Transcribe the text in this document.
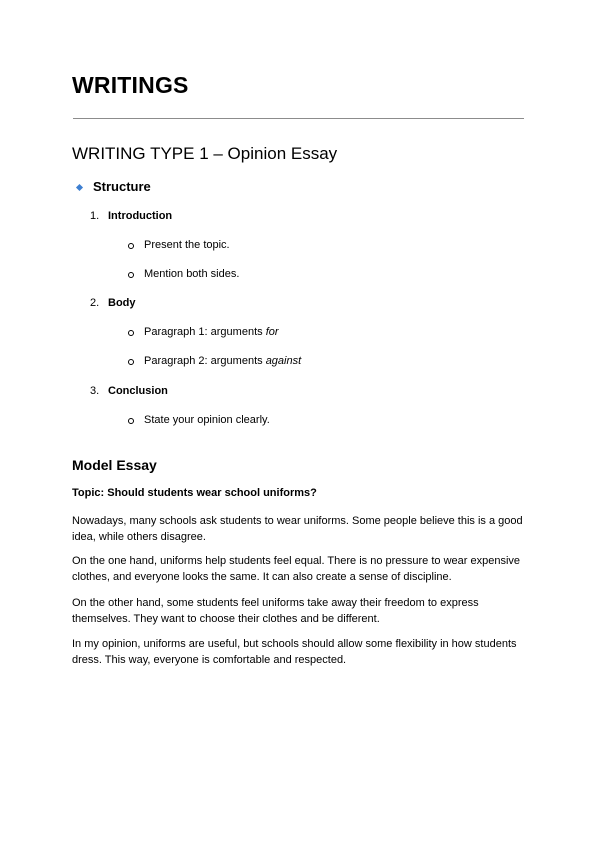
WRITINGS
WRITING TYPE 1 – Opinion Essay
Structure
1. Introduction
Present the topic.
Mention both sides.
2. Body
Paragraph 1: arguments for
Paragraph 2: arguments against
3. Conclusion
State your opinion clearly.
Model Essay
Topic: Should students wear school uniforms?

Nowadays, many schools ask students to wear uniforms. Some people believe this is a good idea, while others disagree.

On the one hand, uniforms help students feel equal. There is no pressure to wear expensive clothes, and everyone looks the same. It can also create a sense of discipline.

On the other hand, some students feel uniforms take away their freedom to express themselves. They want to choose their clothes and be different.

In my opinion, uniforms are useful, but schools should allow some flexibility in how students dress. This way, everyone is comfortable and respected.
